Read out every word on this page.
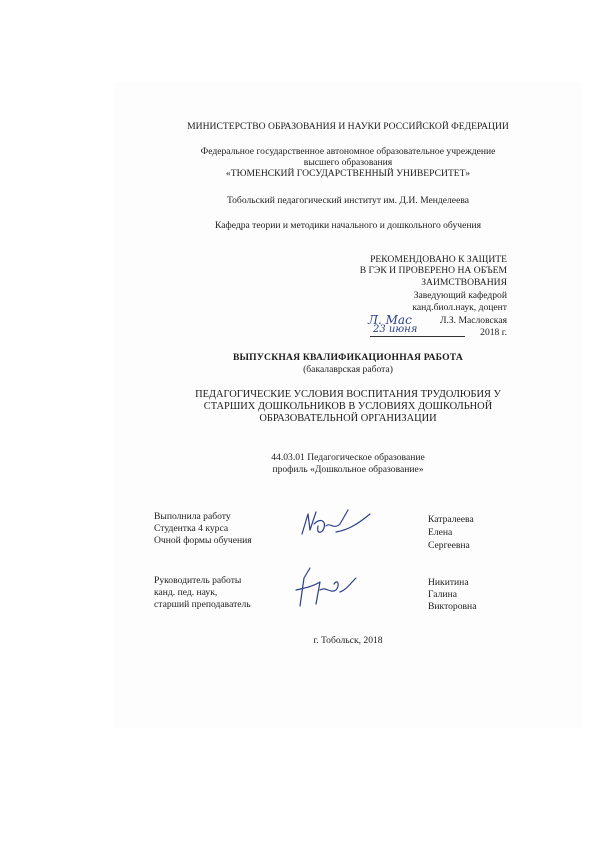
МИНИСТЕРСТВО ОБРАЗОВАНИЯ И НАУКИ РОССИЙСКОЙ ФЕДЕРАЦИИ
Федеральное государственное автономное образовательное учреждение
высшего образования
«ТЮМЕНСКИЙ ГОСУДАРСТВЕННЫЙ УНИВЕРСИТЕТ»
Тобольский педагогический институт им. Д.И. Менделеева
Кафедра теории и методики начального и дошкольного обучения
РЕКОМЕНДОВАНО К ЗАЩИТЕ
В ГЭК И ПРОВЕРЕНО НА ОБЪЕМ
ЗАИМСТВОВАНИЯ
Заведующий кафедрой
канд.биол.наук, доцент
Л.З. Масловская
Л. Мас
23 июня	2018 г.
ВЫПУСКНАЯ КВАЛИФИКАЦИОННАЯ РАБОТА
(бакалаврская работа)
ПЕДАГОГИЧЕСКИЕ УСЛОВИЯ ВОСПИТАНИЯ ТРУДОЛЮБИЯ У
СТАРШИХ ДОШКОЛЬНИКОВ В УСЛОВИЯХ ДОШКОЛЬНОЙ
ОБРАЗОВАТЕЛЬНОЙ ОРГАНИЗАЦИИ
44.03.01 Педагогическое образование
профиль «Дошкольное образование»
Выполнила работу
Студентка 4 курса
Очной формы обучения
Катралеева
Елена
Сергеевна
Руководитель работы
канд. пед. наук,
старший преподаватель
Никитина
Галина
Викторовна
г. Тобольск, 2018
